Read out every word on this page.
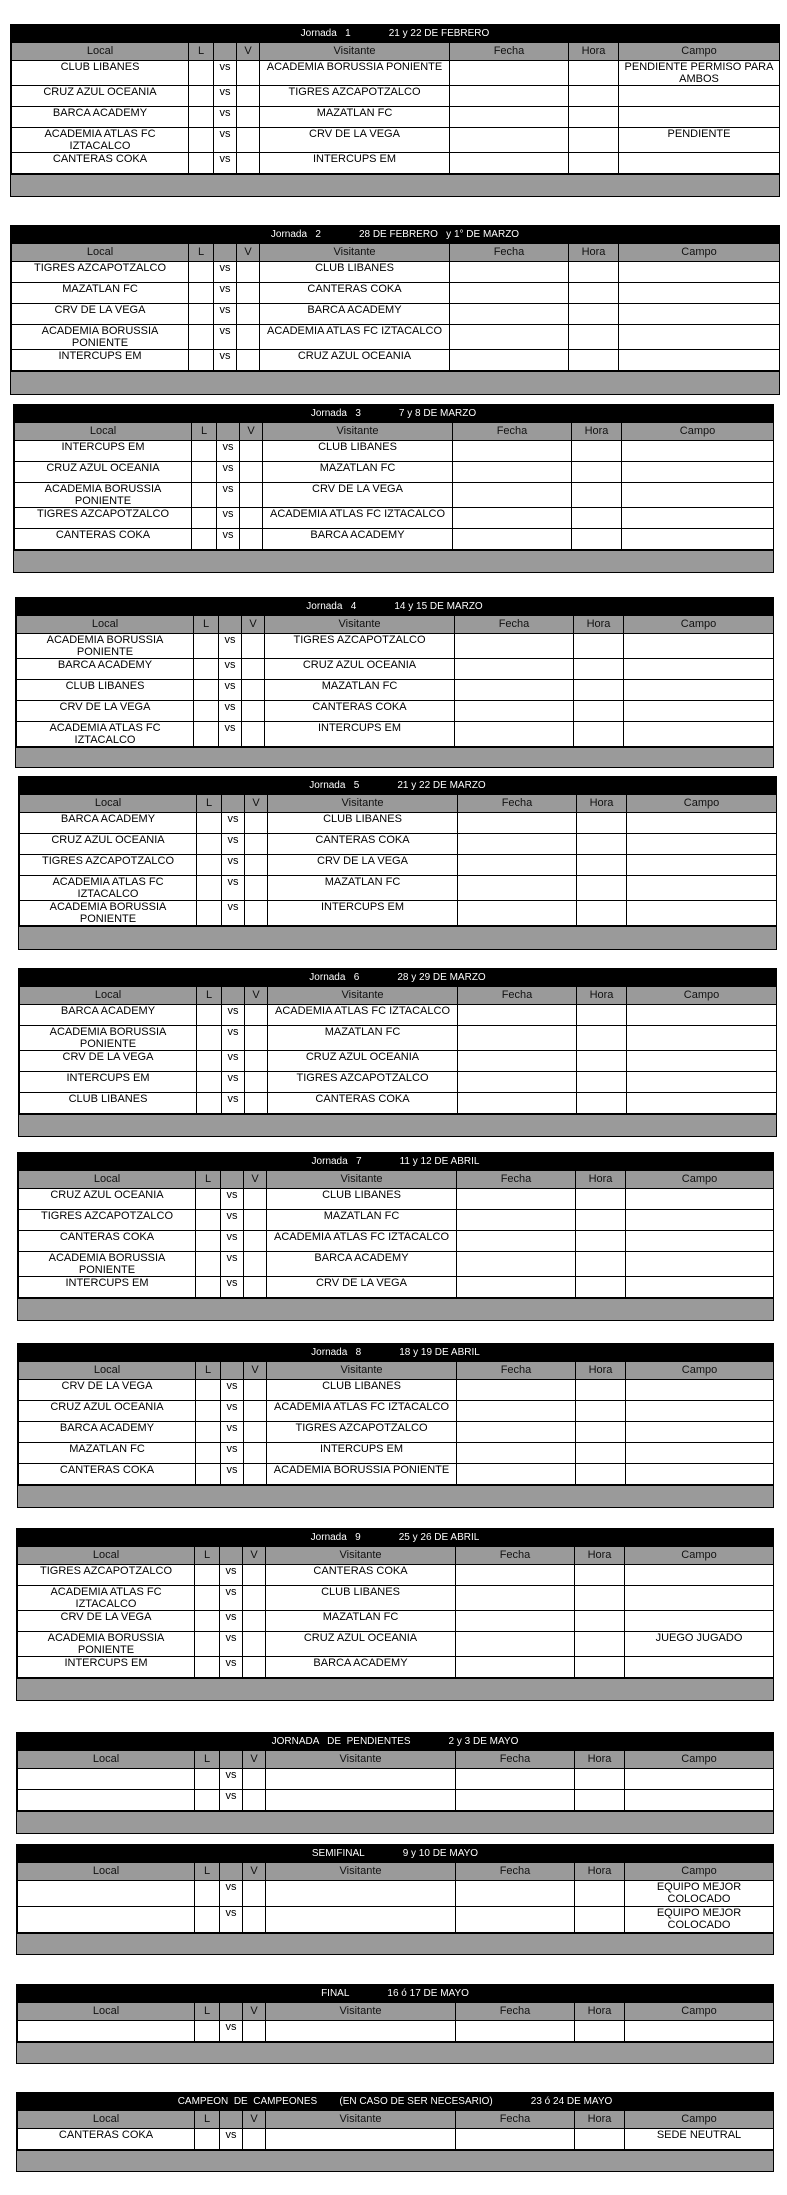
Jornada   1	21 y 22 DE FEBRERO
Local	L		V	Visitante	Fecha	Hora	Campo
CLUB LIBANES		vs		ACADEMIA BORUSSIA PONIENTE			PENDIENTE PERMISO PARA AMBOS
CRUZ AZUL OCEANIA		vs		TIGRES AZCAPOTZALCO			
BARCA ACADEMY		vs		MAZATLAN FC			
ACADEMIA ATLAS FC IZTACALCO		vs		CRV DE LA VEGA			PENDIENTE
CANTERAS COKA		vs		INTERCUPS EM			
Jornada   2	28 DE FEBRERO   y 1° DE MARZO
Local	L		V	Visitante	Fecha	Hora	Campo
TIGRES AZCAPOTZALCO		vs		CLUB LIBANES			
MAZATLAN FC		vs		CANTERAS COKA			
CRV DE LA VEGA		vs		BARCA ACADEMY			
ACADEMIA BORUSSIA PONIENTE		vs		ACADEMIA ATLAS FC IZTACALCO			
INTERCUPS EM		vs		CRUZ AZUL OCEANIA			
Jornada   3	7 y 8 DE MARZO
Local	L		V	Visitante	Fecha	Hora	Campo
INTERCUPS EM		vs		CLUB LIBANES			
CRUZ AZUL OCEANIA		vs		MAZATLAN FC			
ACADEMIA BORUSSIA PONIENTE		vs		CRV DE LA VEGA			
TIGRES AZCAPOTZALCO		vs		ACADEMIA ATLAS FC IZTACALCO			
CANTERAS COKA		vs		BARCA ACADEMY			
Jornada   4	14 y 15 DE MARZO
Local	L		V	Visitante	Fecha	Hora	Campo
ACADEMIA BORUSSIA PONIENTE		vs		TIGRES AZCAPOTZALCO			
BARCA ACADEMY		vs		CRUZ AZUL OCEANIA			
CLUB LIBANES		vs		MAZATLAN FC			
CRV DE LA VEGA		vs		CANTERAS COKA			
ACADEMIA ATLAS FC IZTACALCO		vs		INTERCUPS EM			
Jornada   5	21 y 22 DE MARZO
Local	L		V	Visitante	Fecha	Hora	Campo
BARCA ACADEMY		vs		CLUB LIBANES			
CRUZ AZUL OCEANIA		vs		CANTERAS COKA			
TIGRES AZCAPOTZALCO		vs		CRV DE LA VEGA			
ACADEMIA ATLAS FC IZTACALCO		vs		MAZATLAN FC			
ACADEMIA BORUSSIA PONIENTE		vs		INTERCUPS EM			
Jornada   6	28 y 29 DE MARZO
Local	L		V	Visitante	Fecha	Hora	Campo
BARCA ACADEMY		vs		ACADEMIA ATLAS FC IZTACALCO			
ACADEMIA BORUSSIA PONIENTE		vs		MAZATLAN FC			
CRV DE LA VEGA		vs		CRUZ AZUL OCEANIA			
INTERCUPS EM		vs		TIGRES AZCAPOTZALCO			
CLUB LIBANES		vs		CANTERAS COKA			
Jornada   7	11 y 12 DE ABRIL
Local	L		V	Visitante	Fecha	Hora	Campo
CRUZ AZUL OCEANIA		vs		CLUB LIBANES			
TIGRES AZCAPOTZALCO		vs		MAZATLAN FC			
CANTERAS COKA		vs		ACADEMIA ATLAS FC IZTACALCO			
ACADEMIA BORUSSIA PONIENTE		vs		BARCA ACADEMY			
INTERCUPS EM		vs		CRV DE LA VEGA			
Jornada   8	18 y 19 DE ABRIL
Local	L		V	Visitante	Fecha	Hora	Campo
CRV DE LA VEGA		vs		CLUB LIBANES			
CRUZ AZUL OCEANIA		vs		ACADEMIA ATLAS FC IZTACALCO			
BARCA ACADEMY		vs		TIGRES AZCAPOTZALCO			
MAZATLAN FC		vs		INTERCUPS EM			
CANTERAS COKA		vs		ACADEMIA BORUSSIA PONIENTE			
Jornada   9	25 y 26 DE ABRIL
Local	L		V	Visitante	Fecha	Hora	Campo
TIGRES AZCAPOTZALCO		vs		CANTERAS COKA			
ACADEMIA ATLAS FC IZTACALCO		vs		CLUB LIBANES			
CRV DE LA VEGA		vs		MAZATLAN FC			
ACADEMIA BORUSSIA PONIENTE		vs		CRUZ AZUL OCEANIA			JUEGO JUGADO
INTERCUPS EM		vs		BARCA ACADEMY			
JORNADA   DE  PENDIENTES	2 y 3 DE MAYO
Local	L		V	Visitante	Fecha	Hora	Campo
		vs					
		vs					
SEMIFINAL	9 y 10 DE MAYO
Local	L		V	Visitante	Fecha	Hora	Campo
		vs					EQUIPO MEJOR COLOCADO
		vs					EQUIPO MEJOR COLOCADO
FINAL	16 ó 17 DE MAYO
Local	L		V	Visitante	Fecha	Hora	Campo
		vs					
CAMPEON  DE  CAMPEONES        (EN CASO DE SER NECESARIO)	23 ó 24 DE MAYO
Local	L		V	Visitante	Fecha	Hora	Campo
CANTERAS COKA		vs					SEDE NEUTRAL
